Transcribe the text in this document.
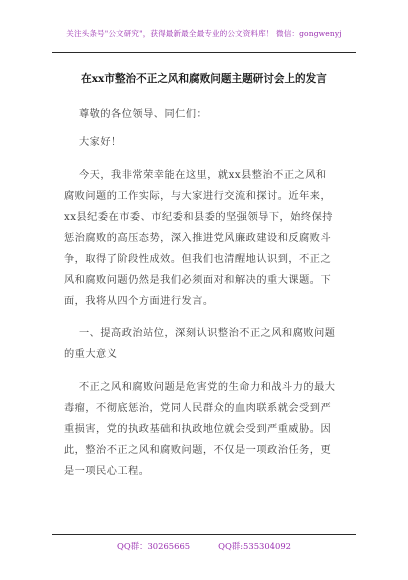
关注头条号"公文研究"，获得最新最全最专业的公文资料库！ 微信：gongwenyj
在xx市整治不正之风和腐败问题主题研讨会上的发言
尊敬的各位领导、同仁们：
大家好！
今天，我非常荣幸能在这里，就xx县整治不正之风和
腐败问题的工作实际，与大家进行交流和探讨。近年来，
xx县纪委在市委、市纪委和县委的坚强领导下，始终保持
惩治腐败的高压态势，深入推进党风廉政建设和反腐败斗
争，取得了阶段性成效。但我们也清醒地认识到，不正之
风和腐败问题仍然是我们必须面对和解决的重大课题。下
面，我将从四个方面进行发言。
一、提高政治站位，深刻认识整治不正之风和腐败问题
的重大意义
不正之风和腐败问题是危害党的生命力和战斗力的最大
毒瘤，不彻底惩治，党同人民群众的血肉联系就会受到严
重损害，党的执政基础和执政地位就会受到严重威胁。因
此，整治不正之风和腐败问题，不仅是一项政治任务，更
是一项民心工程。
QQ群：30265665	QQ群:535304092
